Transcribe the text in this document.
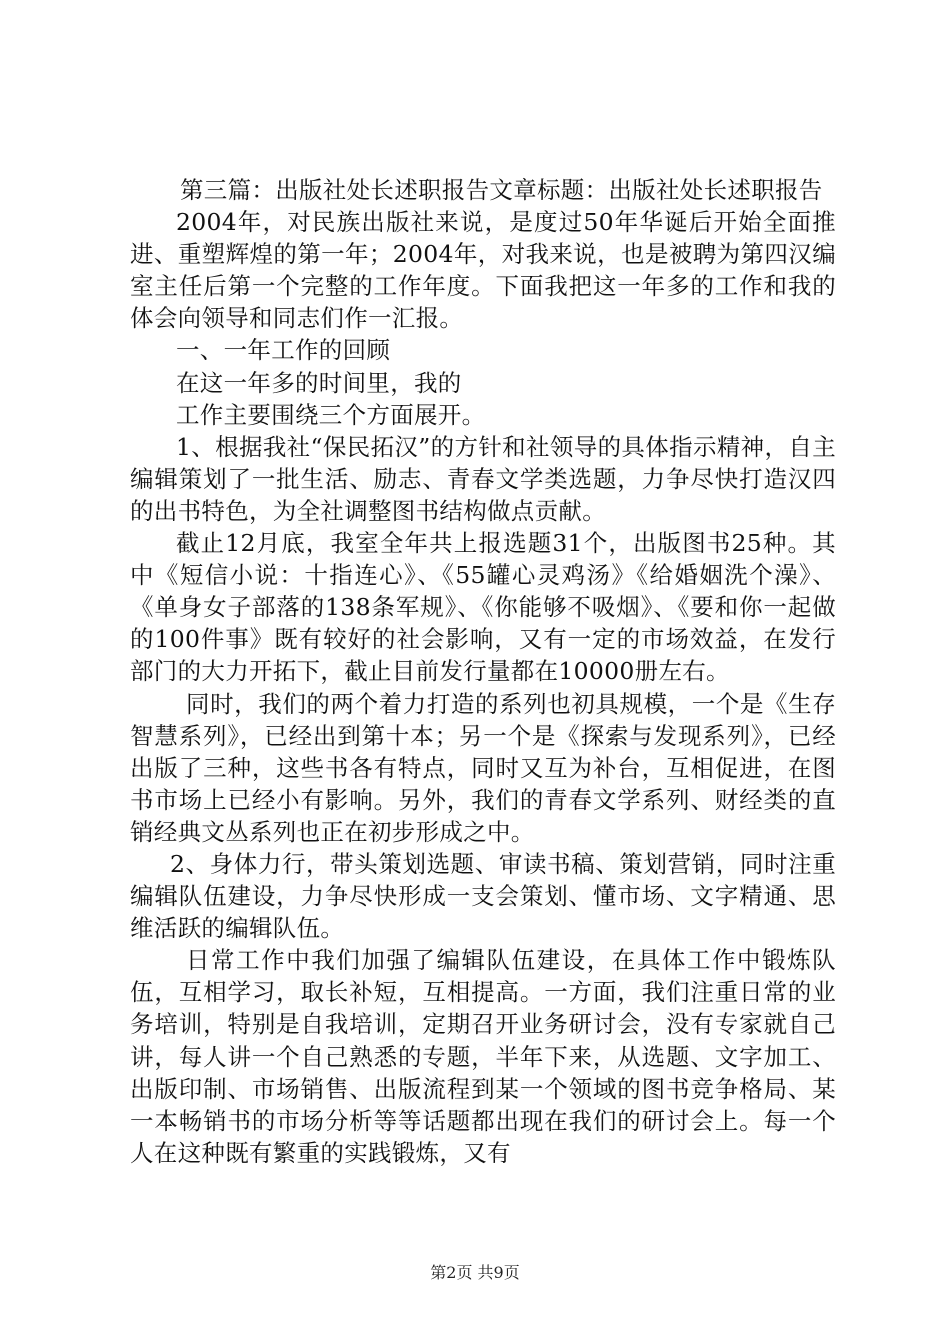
第三篇：出版社处长述职报告文章标题：出版社处长述职报告

2004年，对民族出版社来说，是度过50年华诞后开始全面推进、重塑辉煌的第一年；2004年，对我来说，也是被聘为第四汉编室主任后第一个完整的工作年度。下面我把这一年多的工作和我的体会向领导和同志们作一汇报。

一、一年工作的回顾

在这一年多的时间里，我的

工作主要围绕三个方面展开。

1、根据我社“保民拓汉”的方针和社领导的具体指示精神，自主编辑策划了一批生活、励志、青春文学类选题，力争尽快打造汉四的出书特色，为全社调整图书结构做点贡献。

截止12月底，我室全年共上报选题31个，出版图书25种。其中《短信小说：十指连心》、《55罐心灵鸡汤》《给婚姻洗个澡》、《单身女子部落的138条军规》、《你能够不吸烟》、《要和你一起做的100件事》既有较好的社会影响，又有一定的市场效益，在发行部门的大力开拓下，截止目前发行量都在10000册左右。

同时，我们的两个着力打造的系列也初具规模，一个是《生存智慧系列》，已经出到第十本；另一个是《探索与发现系列》，已经出版了三种，这些书各有特点，同时又互为补台，互相促进，在图书市场上已经小有影响。另外，我们的青春文学系列、财经类的直销经典文丛系列也正在初步形成之中。

2、身体力行，带头策划选题、审读书稿、策划营销，同时注重编辑队伍建设，力争尽快形成一支会策划、懂市场、文字精通、思维活跃的编辑队伍。

日常工作中我们加强了编辑队伍建设，在具体工作中锻炼队伍，互相学习，取长补短，互相提高。一方面，我们注重日常的业务培训，特别是自我培训，定期召开业务研讨会，没有专家就自己讲，每人讲一个自己熟悉的专题，半年下来，从选题、文字加工、出版印制、市场销售、出版流程到某一个领域的图书竞争格局、某一本畅销书的市场分析等等话题都出现在我们的研讨会上。每一个人在这种既有繁重的实践锻炼，又有

第2页 共9页
